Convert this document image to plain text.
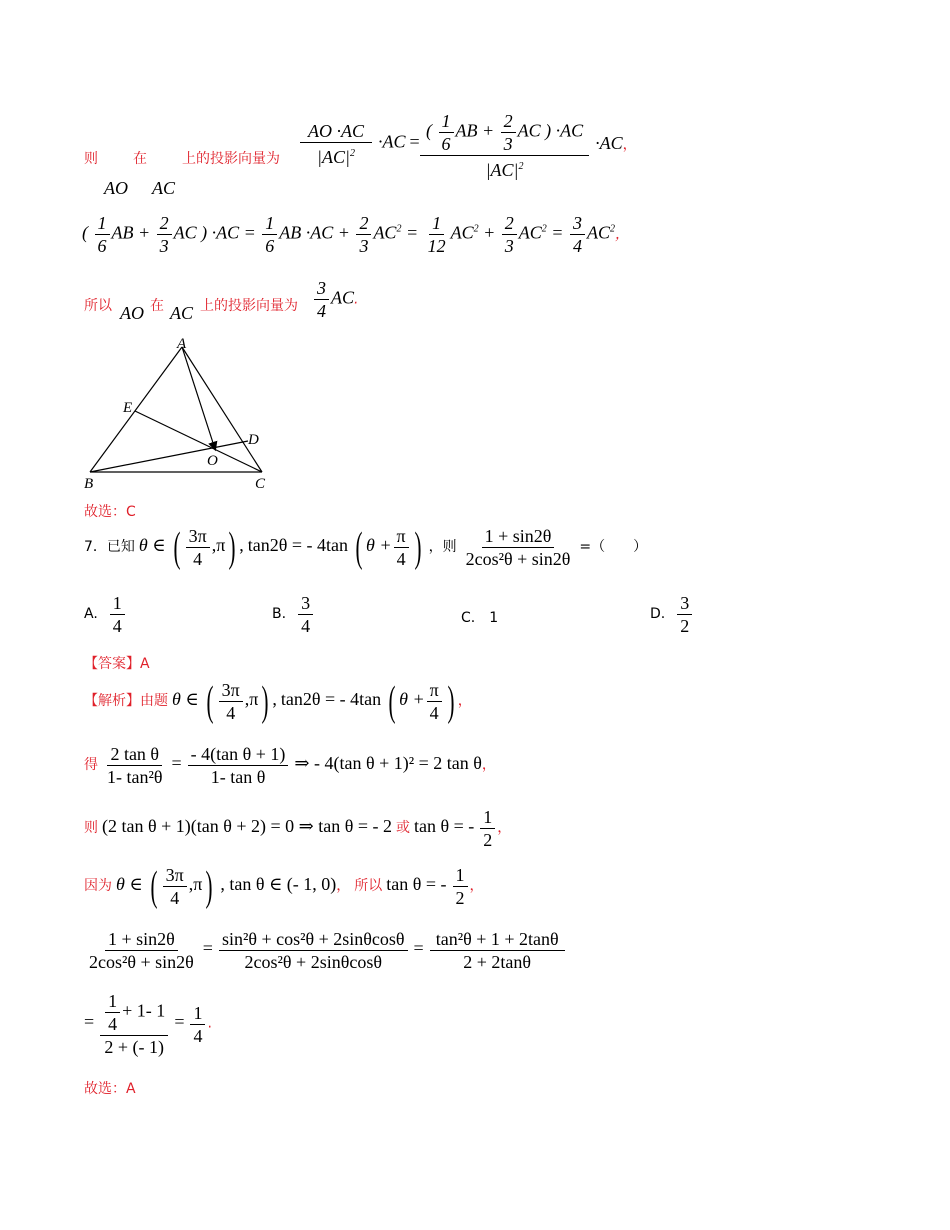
则	在	上的投影向量为
AO AC
$\frac{AO \cdot AC}{|AC|^2} \cdot AC = \frac{( \frac{1}{6} AB + \frac{2}{3} AC ) \cdot AC}{|AC|^2} \cdot AC$，
( $\frac{1}{6}$ AB + $\frac{2}{3}$ AC ) $\cdot AC = \frac{1}{6}$ AB $\cdot AC + \frac{2}{3} AC^2 = \frac{1}{12} AC^2 + \frac{2}{3} AC^2 = \frac{3}{4} AC^2$，
所以 AO 在 AC 上的投影向量为 $\frac{3}{4}$ AC.
A
B	C
D
E
O
故选：C
7．已知 θ ∈ ( $\frac{3\pi}{4} ,\pi$) , tan2θ = - 4tan ( $\theta + \frac{\pi}{4}$ ) ，则 $\frac{1 + \sin 2\theta}{\text{2cos²θ + sin2θ}}$ =（　　）
A. $\frac{1}{4}$	B. $\frac{3}{4}$	C. 1	D. $\frac{3}{2}$
【答案】A
【解析】由题 θ ∈ ( $\frac{3\pi}{4} ,\pi$) , tan2θ = - 4tan ( $\theta + \frac{\pi}{4}$ ) ，
得 $\frac{\text{2 tan θ}}{\text{1- tan²θ}} = \frac{\text{- 4(tan θ + 1)}}{\text{1- tan θ}}$ ⇒ - 4(tan θ + 1)² = 2 tan θ，
则 (2 tan θ + 1)(tan θ + 2) = 0 ⇒ tan θ = - 2 或 tan θ = - $\frac{1}{2}$ ，
因为 θ ∈ ( $\frac{3\pi}{4} ,\pi$) , tan θ ∈ (- 1, 0)， 所以 tan θ = - $\frac{1}{2}$ ，
$\frac{1 + \sin 2\theta}{\text{2cos²θ + sin2θ}} = \frac{\text{sin²θ + cos²θ + 2sinθcosθ}}{\text{2cos²θ + 2sinθcosθ}} = \frac{\text{tan²θ + 1 + 2tanθ}}{2 + 2\tan\theta}$
= $\frac{\frac{1}{4} + 1- 1}{2 + (- 1)} = \frac{1}{4}$ .
故选：A
